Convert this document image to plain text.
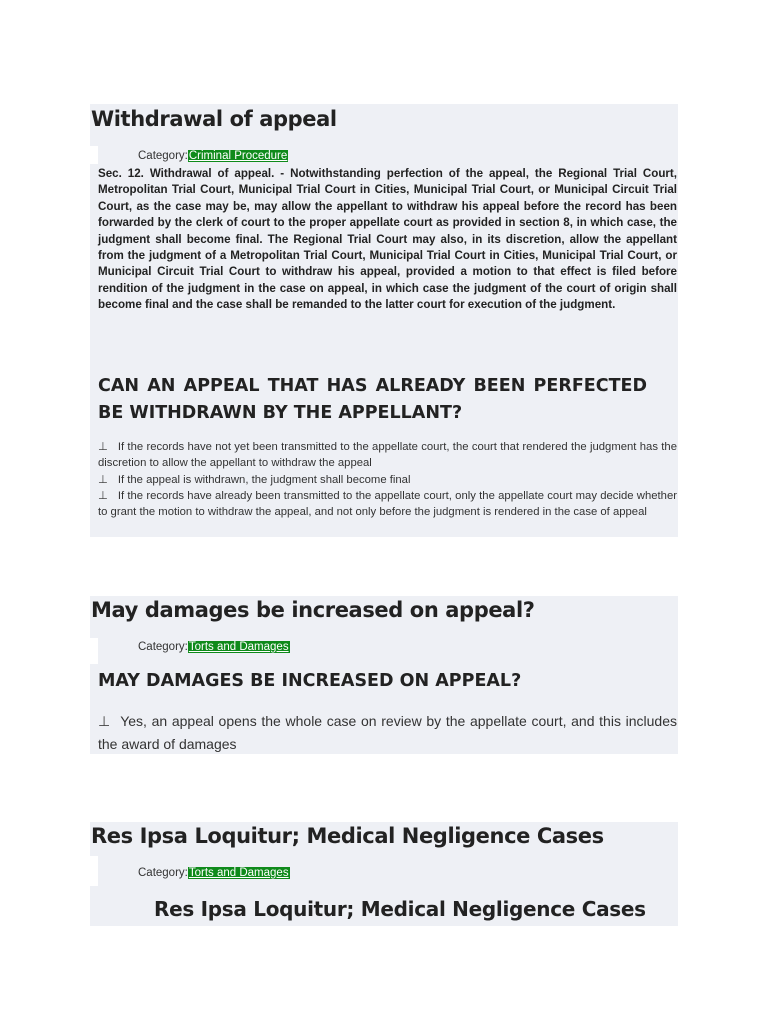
Withdrawal of appeal
Category:Criminal Procedure

Sec. 12. Withdrawal of appeal. - Notwithstanding perfection of the appeal, the Regional Trial Court, Metropolitan Trial Court, Municipal Trial Court in Cities, Municipal Trial Court, or Municipal Circuit Trial Court, as the case may be, may allow the appellant to withdraw his appeal before the record has been forwarded by the clerk of court to the proper appellate court as provided in section 8, in which case, the judgment shall become final. The Regional Trial Court may also, in its discretion, allow the appellant from the judgment of a Metropolitan Trial Court, Municipal Trial Court in Cities, Municipal Trial Court, or Municipal Circuit Trial Court to withdraw his appeal, provided a motion to that effect is filed before rendition of the judgment in the case on appeal, in which case the judgment of the court of origin shall become final and the case shall be remanded to the latter court for execution of the judgment.

CAN AN APPEAL THAT HAS ALREADY BEEN PERFECTED BE WITHDRAWN BY THE APPELLANT?
⊥ If the records have not yet been transmitted to the appellate court, the court that rendered the judgment has the discretion to allow the appellant to withdraw the appeal
⊥ If the appeal is withdrawn, the judgment shall become final
⊥ If the records have already been transmitted to the appellate court, only the appellate court may decide whether to grant the motion to withdraw the appeal, and not only before the judgment is rendered in the case of appeal
May damages be increased on appeal?
Category:Torts and Damages
MAY DAMAGES BE INCREASED ON APPEAL?
⊥ Yes, an appeal opens the whole case on review by the appellate court, and this includes the award of damages
Res Ipsa Loquitur; Medical Negligence Cases
Category:Torts and Damages
Res Ipsa Loquitur; Medical Negligence Cases
